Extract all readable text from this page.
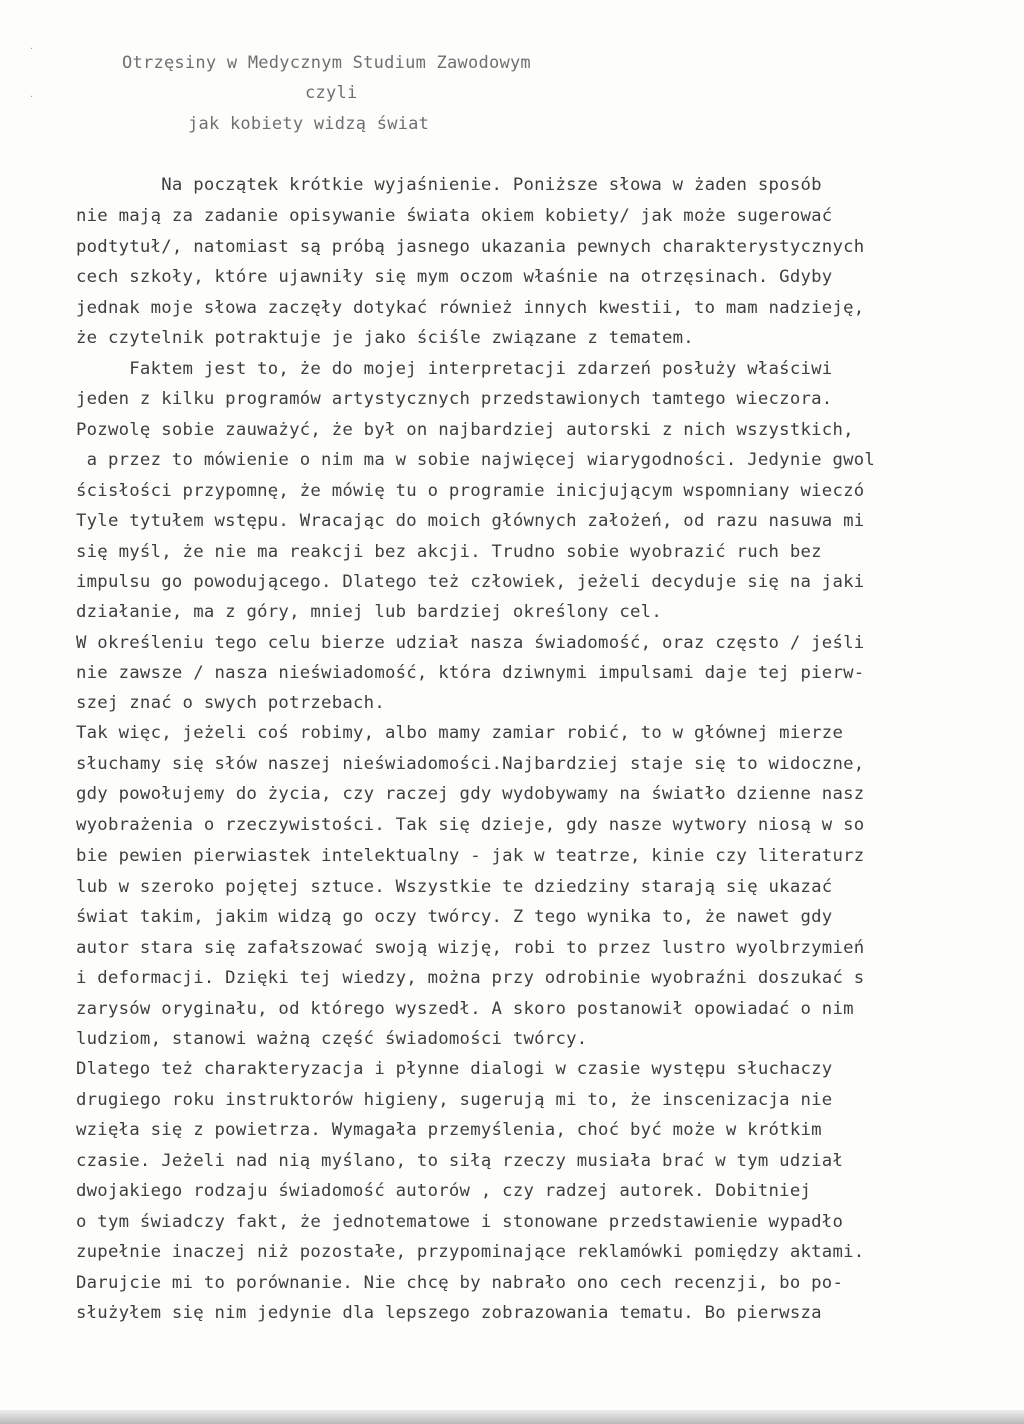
Otrzęsiny w Medycznym Studium Zawodowym
czyli
jak kobiety widzą świat
Na początek krótkie wyjaśnienie. Poniższe słowa w żaden sposób
nie mają za zadanie opisywanie świata okiem kobiety/ jak może sugerować
podtytuł/, natomiast są próbą jasnego ukazania pewnych charakterystycznych
cech szkoły, które ujawniły się mym oczom właśnie na otrzęsinach. Gdyby
jednak moje słowa zaczęły dotykać również innych kwestii, to mam nadzieję,
że czytelnik potraktuje je jako ściśle związane z tematem.
Faktem jest to, że do mojej interpretacji zdarzeń posłuży właściwi
jeden z kilku programów artystycznych przedstawionych tamtego wieczora.
Pozwolę sobie zauważyć, że był on najbardziej autorski z nich wszystkich,
a przez to mówienie o nim ma w sobie najwięcej wiarygodności. Jedynie gwol
ścisłości przypomnę, że mówię tu o programie inicjującym wspomniany wieczó
Tyle tytułem wstępu. Wracając do moich głównych założeń, od razu nasuwa mi
się myśl, że nie ma reakcji bez akcji. Trudno sobie wyobrazić ruch bez
impulsu go powodującego. Dlatego też człowiek, jeżeli decyduje się na jaki
działanie, ma z góry, mniej lub bardziej określony cel.
W określeniu tego celu bierze udział nasza świadomość, oraz często / jeśli
nie zawsze / nasza nieświadomość, która dziwnymi impulsami daje tej pierw-
szej znać o swych potrzebach.
Tak więc, jeżeli coś robimy, albo mamy zamiar robić, to w głównej mierze
słuchamy się słów naszej nieświadomości.Najbardziej staje się to widoczne,
gdy powołujemy do życia, czy raczej gdy wydobywamy na światło dzienne nasz
wyobrażenia o rzeczywistości. Tak się dzieje, gdy nasze wytwory niosą w so
bie pewien pierwiastek intelektualny - jak w teatrze, kinie czy literaturz
lub w szeroko pojętej sztuce. Wszystkie te dziedziny starają się ukazać
świat takim, jakim widzą go oczy twórcy. Z tego wynika to, że nawet gdy
autor stara się zafałszować swoją wizję, robi to przez lustro wyolbrzymień
i deformacji. Dzięki tej wiedzy, można przy odrobinie wyobraźni doszukać s
zarysów oryginału, od którego wyszedł. A skoro postanowił opowiadać o nim
ludziom, stanowi ważną część świadomości twórcy.
Dlatego też charakteryzacja i płynne dialogi w czasie występu słuchaczy
drugiego roku instruktorów higieny, sugerują mi to, że inscenizacja nie
wzięła się z powietrza. Wymagała przemyślenia, choć być może w krótkim
czasie. Jeżeli nad nią myślano, to siłą rzeczy musiała brać w tym udział
dwojakiego rodzaju świadomość autorów , czy radzej autorek. Dobitniej
o tym świadczy fakt, że jednotematowe i stonowane przedstawienie wypadło
zupełnie inaczej niż pozostałe, przypominające reklamówki pomiędzy aktami.
Darujcie mi to porównanie. Nie chcę by nabrało ono cech recenzji, bo po-
służyłem się nim jedynie dla lepszego zobrazowania tematu. Bo pierwsza
·
·
